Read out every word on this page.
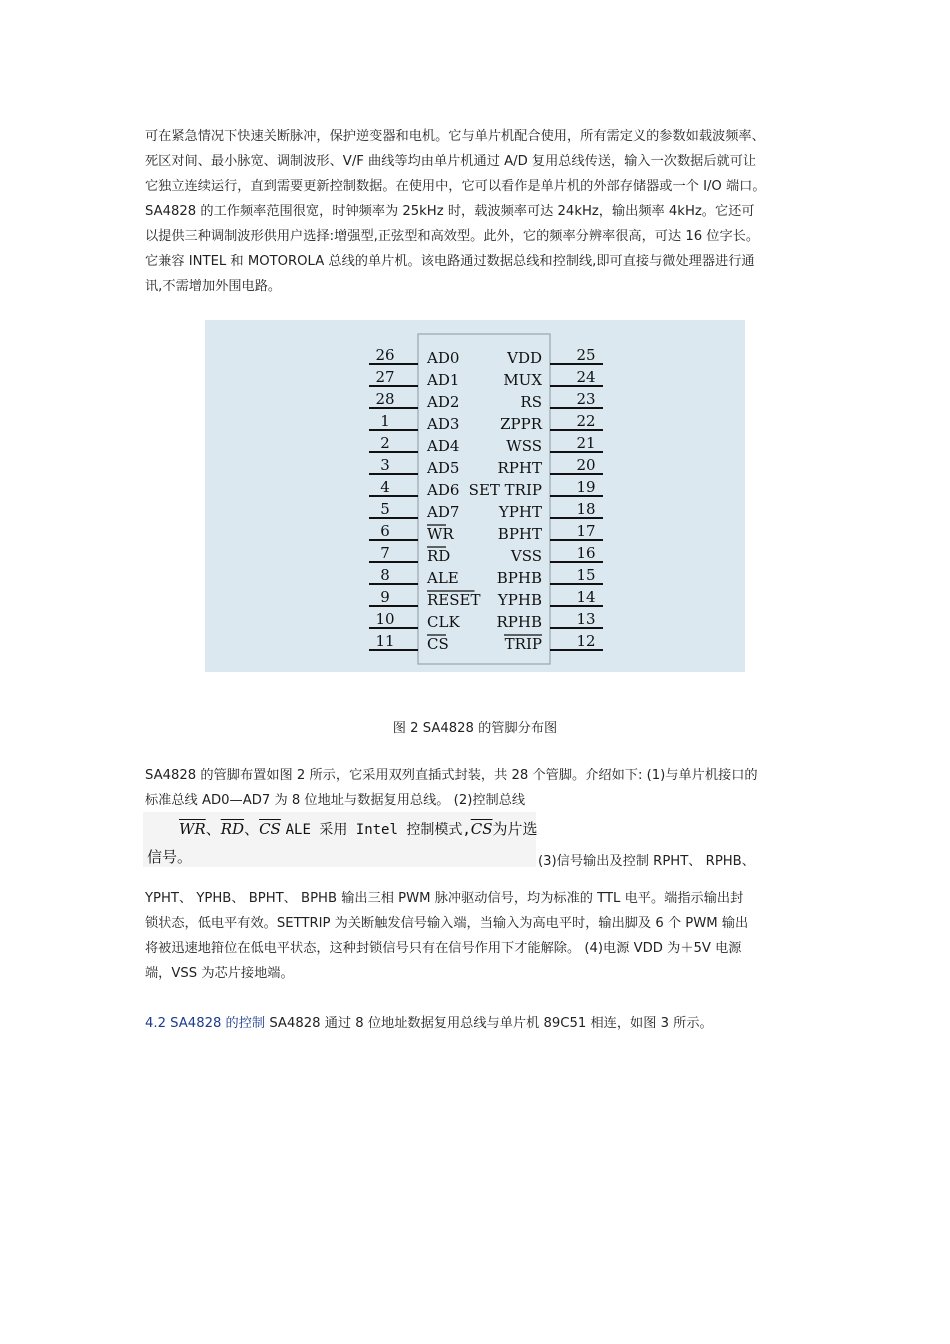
可在紧急情况下快速关断脉冲，保护逆变器和电机。它与单片机配合使用，所有需定义的参数如载波频率、
死区对间、最小脉宽、调制波形、V/F 曲线等均由单片机通过 A/D 复用总线传送，输入一次数据后就可让
它独立连续运行，直到需要更新控制数据。在使用中，它可以看作是单片机的外部存储器或一个 I/O 端口。
SA4828 的工作频率范围很宽，时钟频率为 25kHz 时，载波频率可达 24kHz，输出频率 4kHz。它还可
以提供三种调制波形供用户选择:增强型,正弦型和高效型。此外，它的频率分辨率很高，可达 16 位字长。
它兼容 INTEL 和 MOTOROLA 总线的单片机。该电路通过数据总线和控制线,即可直接与微处理器进行通
讯,不需增加外围电路。
26 AD0
27 AD1
28 AD2
1 AD3
2 AD4
3 AD5
4 AD6
5 AD7
6 WR
7 RD
8 ALE
9 RESET
10 CLK
11 CS
25
VDD
24
MUX
23
RS
22
ZPPR
21
WSS
20
RPHT
19
SET TRIP
18
YPHT
17
BPHT
16
VSS
15
BPHB
14
YPHB
13
RPHB
12
TRIP
图 2 SA4828 的管脚分布图
SA4828 的管脚布置如图 2 所示，它采用双列直插式封装，共 28 个管脚。介绍如下: (1)与单片机接口的
标准总线 AD0—AD7 为 8 位地址与数据复用总线。 (2)控制总线
$\overline{WR}$、$\overline{RD}$、$\overline{CS}$ ALE 采用 Intel 控制模式$,\overline{CS}$为片选
信号。	(3)信号输出及控制 RPHT、 RPHB、
YPHT、 YPHB、 BPHT、 BPHB 输出三相 PWM 脉冲驱动信号，均为标准的 TTL 电平。端指示输出封
锁状态，低电平有效。SETTRIP 为关断触发信号输入端，当输入为高电平时，输出脚及 6 个 PWM 输出
将被迅速地箝位在低电平状态，这种封锁信号只有在信号作用下才能解除。 (4)电源 VDD 为＋5V 电源
端，VSS 为芯片接地端。
4.2 SA4828 的控制 SA4828 通过 8 位地址数据复用总线与单片机 89C51 相连，如图 3 所示。
